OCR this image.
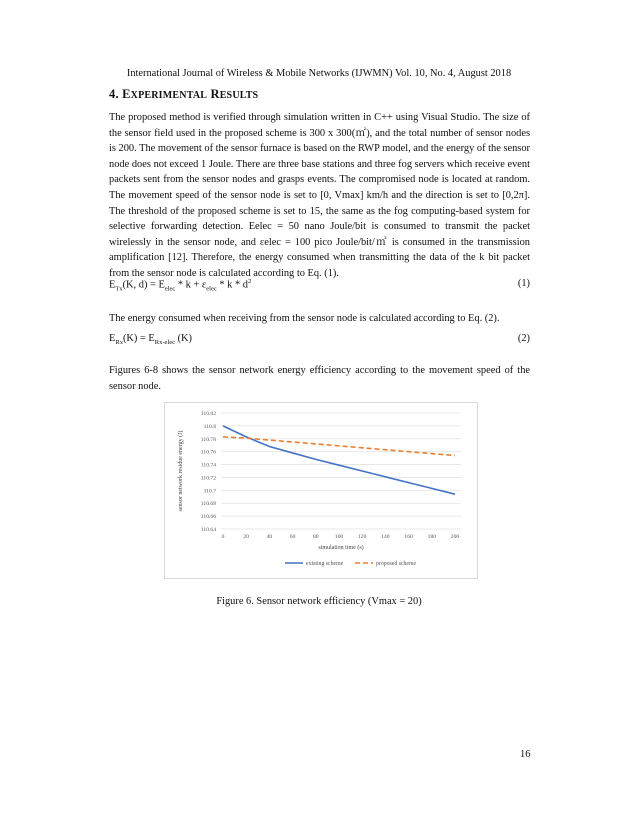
International Journal of Wireless & Mobile Networks (IJWMN) Vol. 10, No. 4, August 2018
4. EXPERIMENTAL RESULTS

The proposed method is verified through simulation written in C++ using Visual Studio. The size of the sensor field used in the proposed scheme is 300 x 300(㎡), and the total number of sensor nodes is 200. The movement of the sensor furnace is based on the RWP model, and the energy of the sensor node does not exceed 1 Joule. There are three base stations and three fog servers which receive event packets sent from the sensor nodes and grasps events. The compromised node is located at random. The movement speed of the sensor node is set to [0, Vmax] km/h and the direction is set to [0,2π]. The threshold of the proposed scheme is set to 15, the same as the fog computing-based system for selective forwarding detection. Eelec = 50 nano Joule/bit is consumed to transmit the packet wirelessly in the sensor node, and εelec = 100 pico Joule/bit/㎡ is consumed in the transmission amplification [12]. Therefore, the energy consumed when transmitting the data of the k bit packet from the sensor node is calculated according to Eq. (1).

$E_{Tx}(K$, $d) = E_{elec} * k + \varepsilon_{elec} * k * d^2$	(1)

The energy consumed when receiving from the sensor node is calculated according to Eq. (2).

$E_{Rx}(K) = E_{Rx-elec}$ (K)	(2)

Figures 6-8 shows the sensor network energy efficiency according to the movement speed of the sensor node.

110.64
110.66
110.68
110.7
110.72
110.74
110.76
110.78
110.8
110.82
0	20	40	60	80	100	120	140	160	180	200
simulation time (s)
sensor network residue energy (J)
existing scheme	proposed scheme
Figure 6. Sensor network efficiency (Vmax = 20)
16
